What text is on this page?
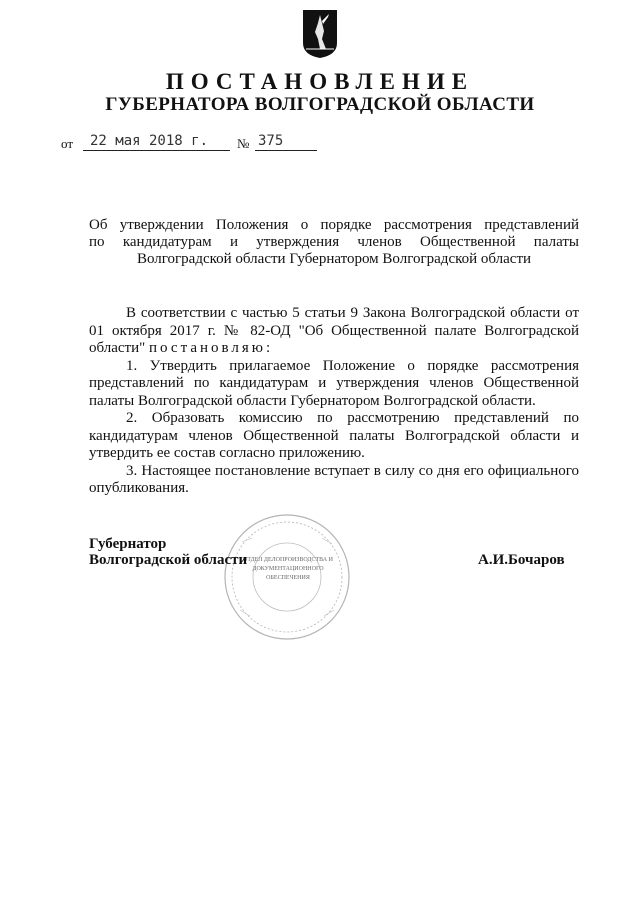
ПОСТАНОВЛЕНИЕ
ГУБЕРНАТОРА ВОЛГОГРАДСКОЙ ОБЛАСТИ
от 22 мая 2018 г. № 375
Об утверждении Положения о порядке рассмотрения представлений
по кандидатурам и утверждения членов Общественной палаты
Волгоградской области Губернатором Волгоградской области

В соответствии с частью 5 статьи 9 Закона Волгоградской области от 01 октября 2017 г. № 82-ОД "Об Общественной палате Волгоградской области" постановляю:

1. Утвердить прилагаемое Положение о порядке рассмотрения представлений по кандидатурам и утверждения членов Общественной палаты Волгоградской области Губернатором Волгоградской области.

2. Образовать комиссию по рассмотрению представлений по кандидатурам членов Общественной палаты Волгоградской области и утвердить ее состав согласно приложению.

3. Настоящее постановление вступает в силу со дня его официального опубликования.

ОТДЕЛ ДЕЛОПРОИЗВОДСТВА И ДОКУМЕНТАЦИОННОГО ОБЕСПЕЧЕНИЯ
Губернатор
Волгоградской области	А.И.Бочаров
